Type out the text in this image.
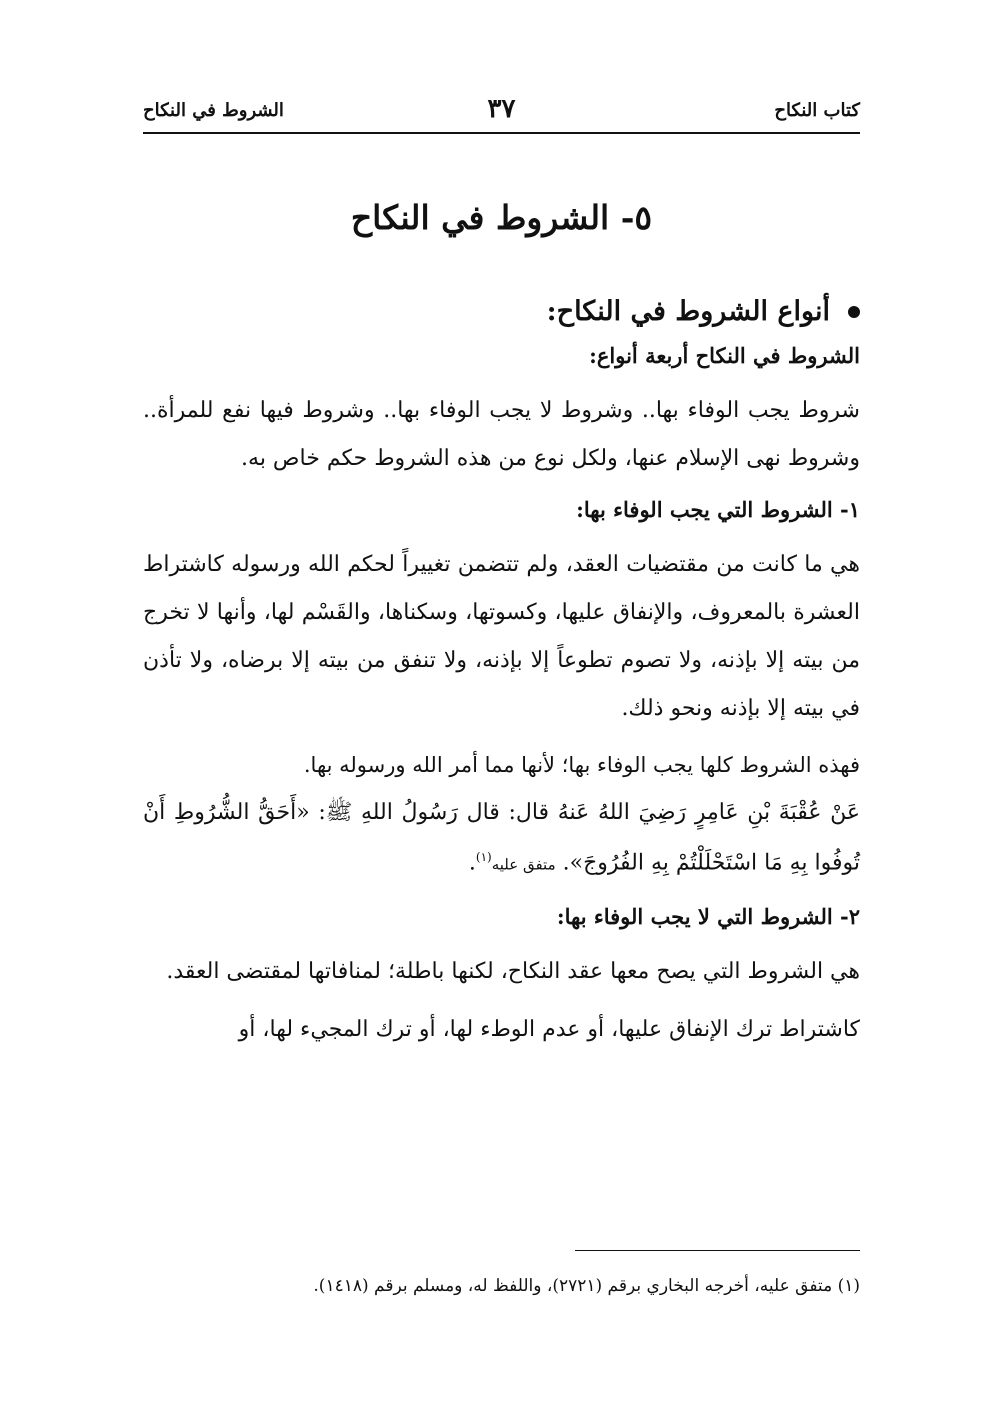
كتاب النكاح
٣٧
الشروط في النكاح
٥- الشروط في النكاح
أنواع الشروط في النكاح:
الشروط في النكاح أربعة أنواع:

شروط يجب الوفاء بها.. وشروط لا يجب الوفاء بها.. وشروط فيها نفع للمرأة.. وشروط نهى الإسلام عنها، ولكل نوع من هذه الشروط حكم خاص به.

١- الشروط التي يجب الوفاء بها:

هي ما كانت من مقتضيات العقد، ولم تتضمن تغييراً لحكم الله ورسوله كاشتراط العشرة بالمعروف، والإنفاق عليها، وكسوتها، وسكناها، والقَسْم لها، وأنها لا تخرج من بيته إلا بإذنه، ولا تصوم تطوعاً إلا بإذنه، ولا تنفق من بيته إلا برضاه، ولا تأذن في بيته إلا بإذنه ونحو ذلك.

فهذه الشروط كلها يجب الوفاء بها؛ لأنها مما أمر الله ورسوله بها.

عَنْ عُقْبَةَ بْنِ عَامِرٍ رَضِيَ اللهُ عَنهُ قال: قال رَسُولُ اللهِ ﷺ: «أَحَقُّ الشُّرُوطِ أَنْ تُوفُوا بِهِ مَا اسْتَحْلَلْتُمْ بِهِ الفُرُوجَ». متفق عليه$^{(١)}$.

٢- الشروط التي لا يجب الوفاء بها:

هي الشروط التي يصح معها عقد النكاح، لكنها باطلة؛ لمنافاتها لمقتضى العقد.

كاشتراط ترك الإنفاق عليها، أو عدم الوطء لها، أو ترك المجيء لها، أو

(١) متفق عليه، أخرجه البخاري برقم (٢٧٢١)، واللفظ له، ومسلم برقم (١٤١٨).
